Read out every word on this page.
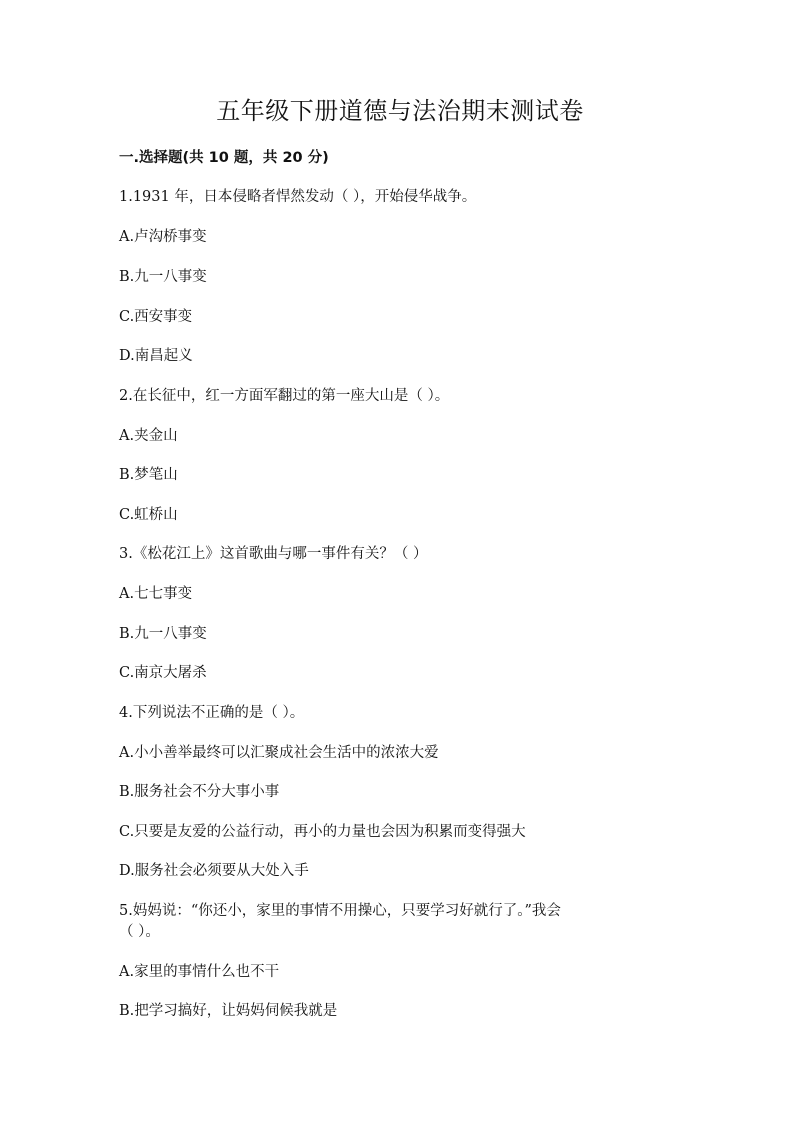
五年级下册道德与法治期末测试卷
一.选择题(共 10 题，共 20 分)
1.1931 年，日本侵略者悍然发动（ ），开始侵华战争。
A.卢沟桥事变
B.九一八事变
C.西安事变
D.南昌起义
2.在长征中，红一方面军翻过的第一座大山是（ ）。
A.夹金山
B.梦笔山
C.虹桥山
3.《松花江上》这首歌曲与哪一事件有关？（ ）
A.七七事变
B.九一八事变
C.南京大屠杀
4.下列说法不正确的是（ ）。
A.小小善举最终可以汇聚成社会生活中的浓浓大爱
B.服务社会不分大事小事
C.只要是友爱的公益行动，再小的力量也会因为积累而变得强大
D.服务社会必须要从大处入手
5.妈妈说：“你还小，家里的事情不用操心，只要学习好就行了。”我会
（ ）。
A.家里的事情什么也不干
B.把学习搞好，让妈妈伺候我就是
